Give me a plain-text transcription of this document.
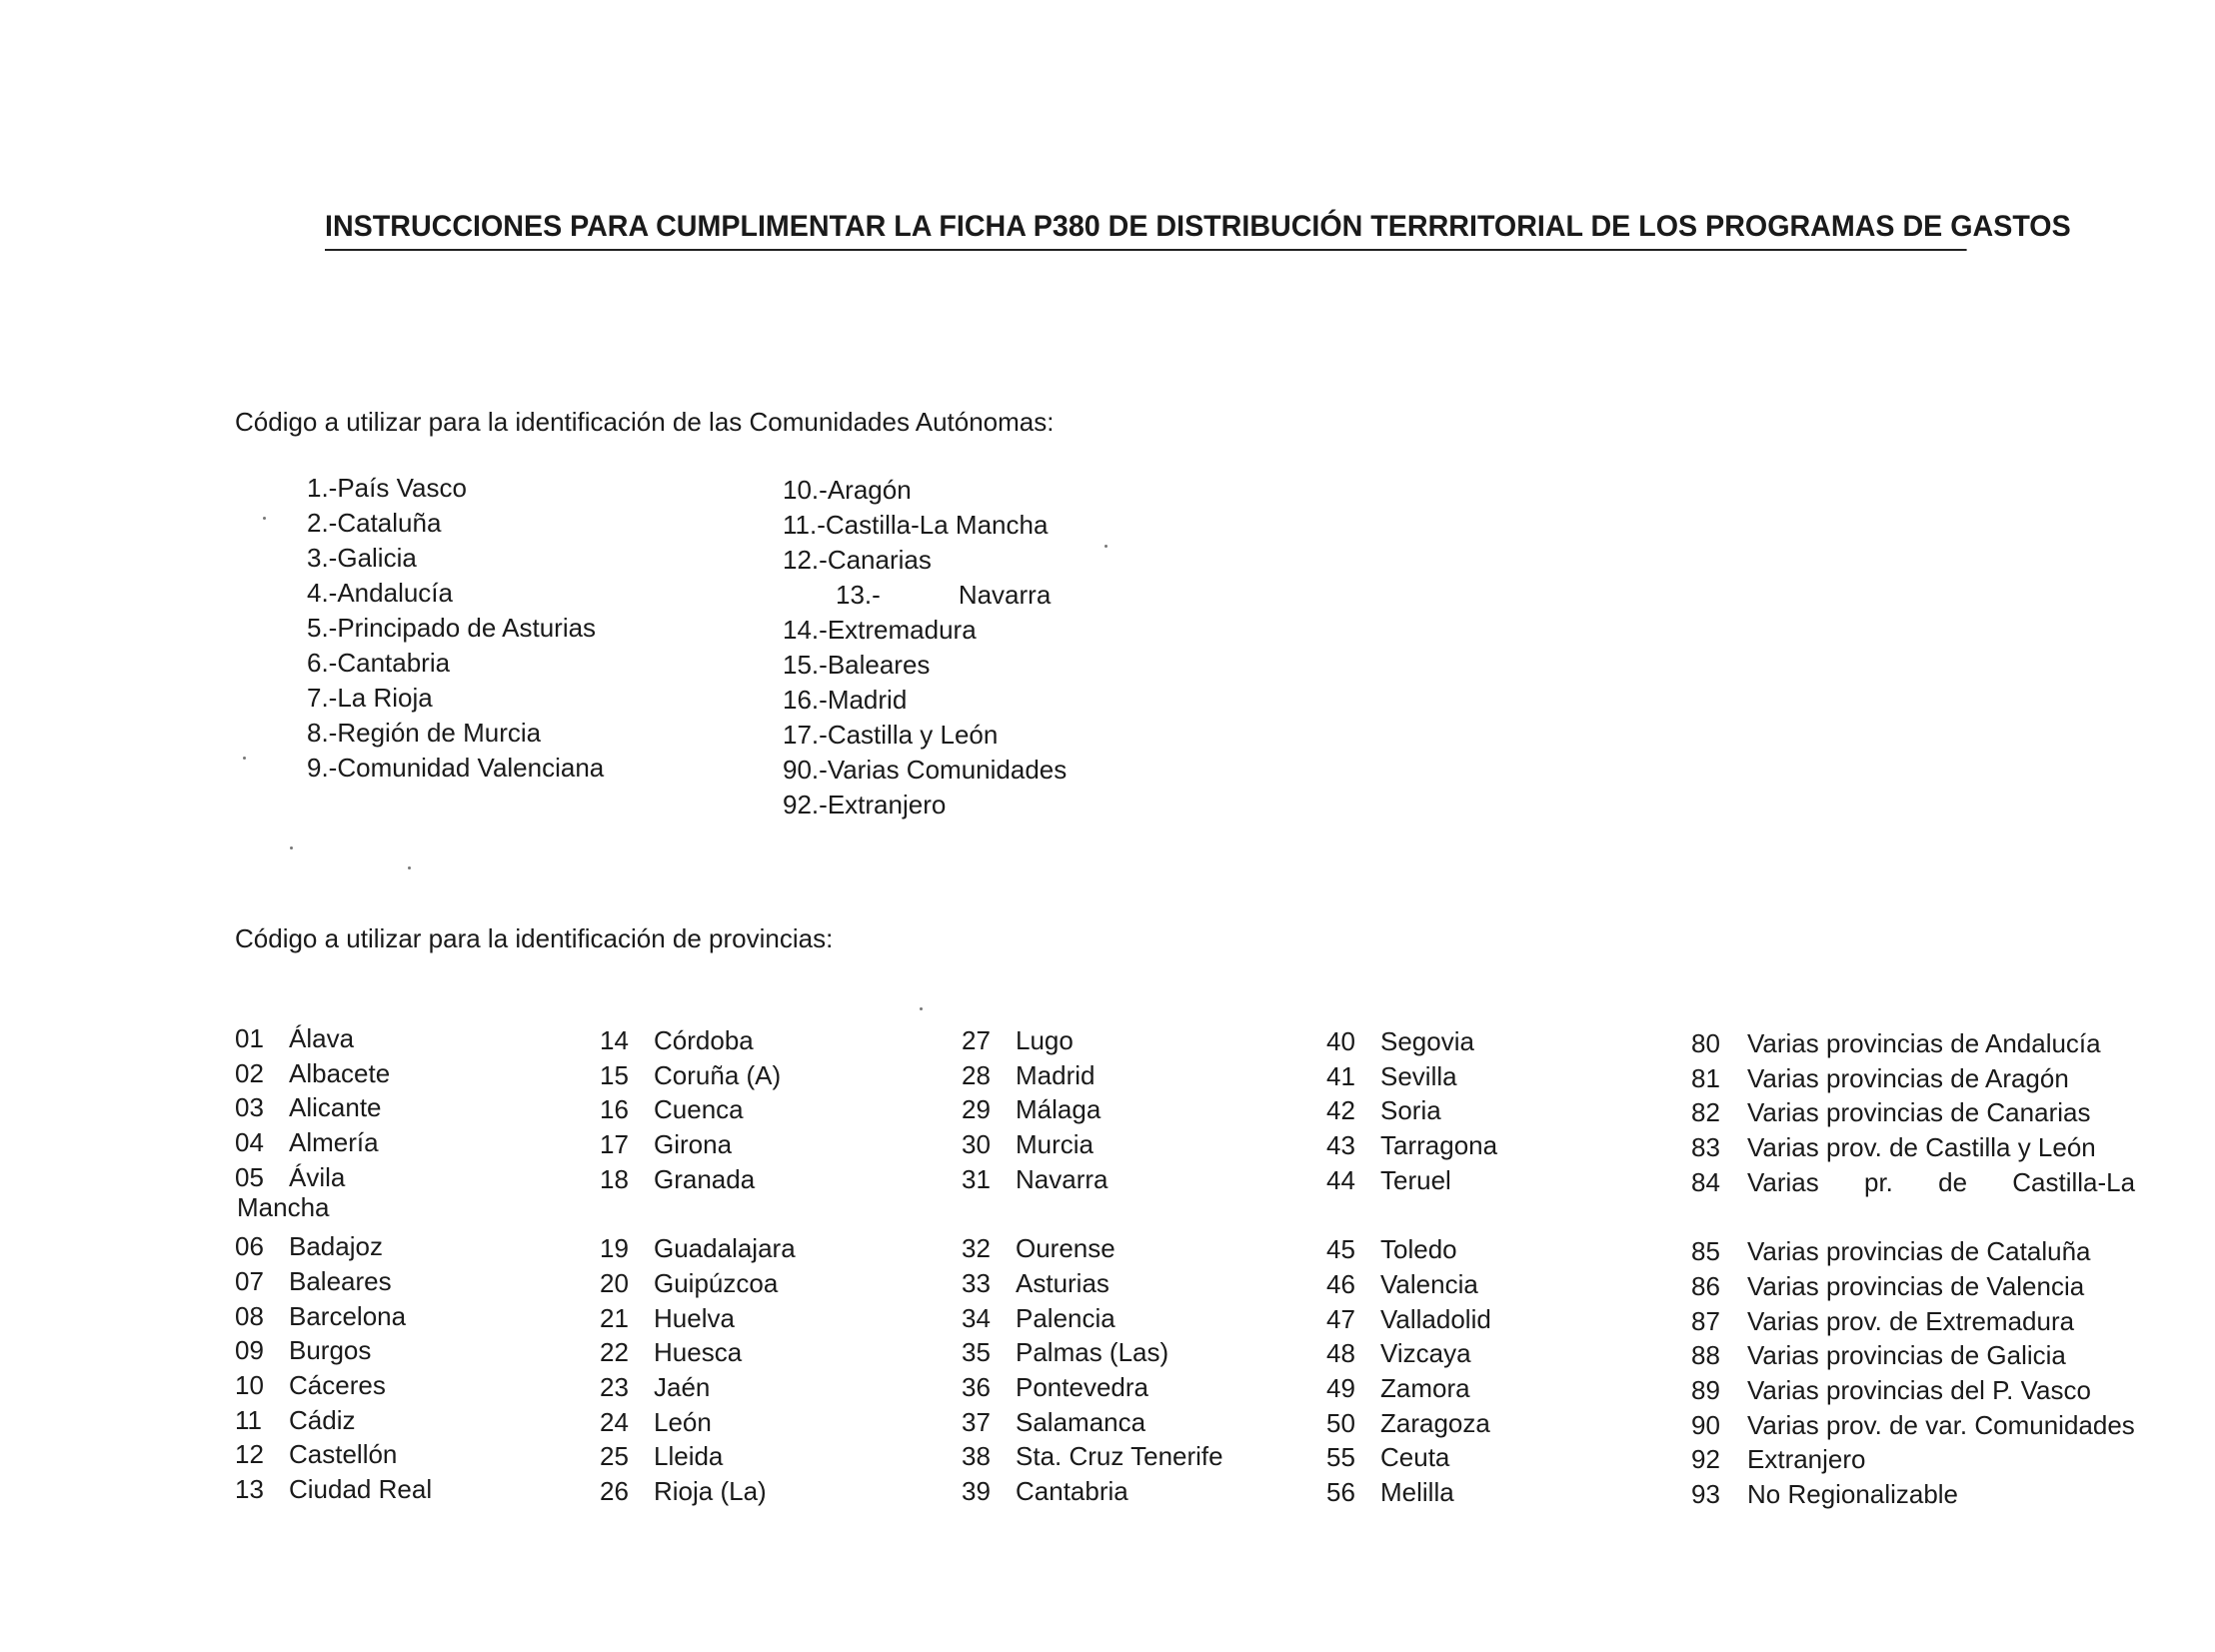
INSTRUCCIONES PARA CUMPLIMENTAR LA FICHA P380 DE DISTRIBUCIÓN TERRRITORIAL DE LOS PROGRAMAS DE GASTOS
Código a utilizar para la identificación de las Comunidades Autónomas:
1.-País Vasco
2.-Cataluña
3.-Galicia
4.-Andalucía
5.-Principado de Asturias
6.-Cantabria
7.-La Rioja
8.-Región de Murcia
9.-Comunidad Valenciana
10.-Aragón
11.-Castilla-La Mancha
12.-Canarias
13.-	Navarra
14.-Extremadura
15.-Baleares
16.-Madrid
17.-Castilla y León
90.-Varias Comunidades
92.-Extranjero
Código a utilizar para la identificación de provincias:
01 Álava
02 Albacete
03 Alicante
04 Almería
05 Ávila
06 Badajoz
07 Baleares
08 Barcelona
09 Burgos
10 Cáceres
11 Cádiz
12 Castellón
13 Ciudad Real
Mancha
14 Córdoba
15 Coruña (A)
16 Cuenca
17 Girona
18 Granada
19 Guadalajara
20 Guipúzcoa
21 Huelva
22 Huesca
23 Jaén
24 León
25 Lleida
26 Rioja (La)
27 Lugo
28 Madrid
29 Málaga
30 Murcia
31 Navarra
32 Ourense
33 Asturias
34 Palencia
35 Palmas (Las)
36 Pontevedra
37 Salamanca
38 Sta. Cruz Tenerife
39 Cantabria
40 Segovia
41 Sevilla
42 Soria
43 Tarragona
44 Teruel
45 Toledo
46 Valencia
47 Valladolid
48 Vizcaya
49 Zamora
50 Zaragoza
55 Ceuta
56 Melilla
80 Varias provincias de Andalucía
81 Varias provincias de Aragón
82 Varias provincias de Canarias
83 Varias prov. de Castilla y León
84 Varias pr. de Castilla-La
85 Varias provincias de Cataluña
86 Varias provincias de Valencia
87 Varias prov. de Extremadura
88 Varias provincias de Galicia
89 Varias provincias del P. Vasco
90 Varias prov. de var. Comunidades
92 Extranjero
93 No Regionalizable
